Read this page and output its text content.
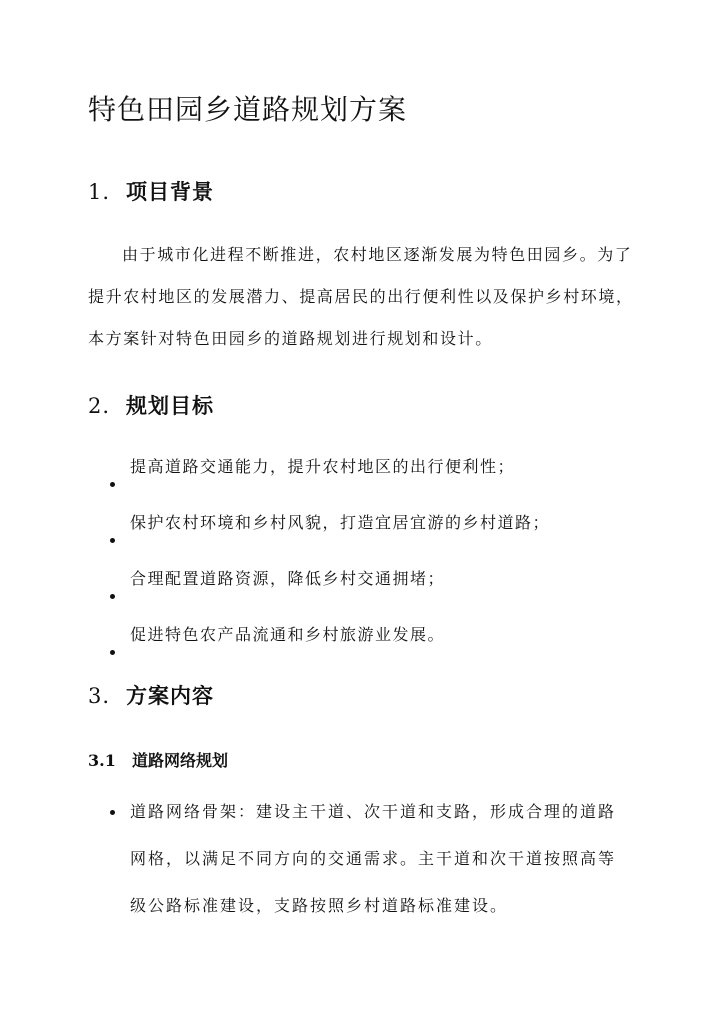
特色田园乡道路规划方案
1. 项目背景

由于城市化进程不断推进，农村地区逐渐发展为特色田园乡。为了提升农村地区的发展潜力、提高居民的出行便利性以及保护乡村环境，本方案针对特色田园乡的道路规划进行规划和设计。

2. 规划目标
提高道路交通能力，提升农村地区的出行便利性；
保护农村环境和乡村风貌，打造宜居宜游的乡村道路；
合理配置道路资源，降低乡村交通拥堵；
促进特色农产品流通和乡村旅游业发展。
3. 方案内容
3.1 道路网络规划
道路网络骨架：建设主干道、次干道和支路，形成合理的道路网格，以满足不同方向的交通需求。主干道和次干道按照高等级公路标准建设，支路按照乡村道路标准建设。
